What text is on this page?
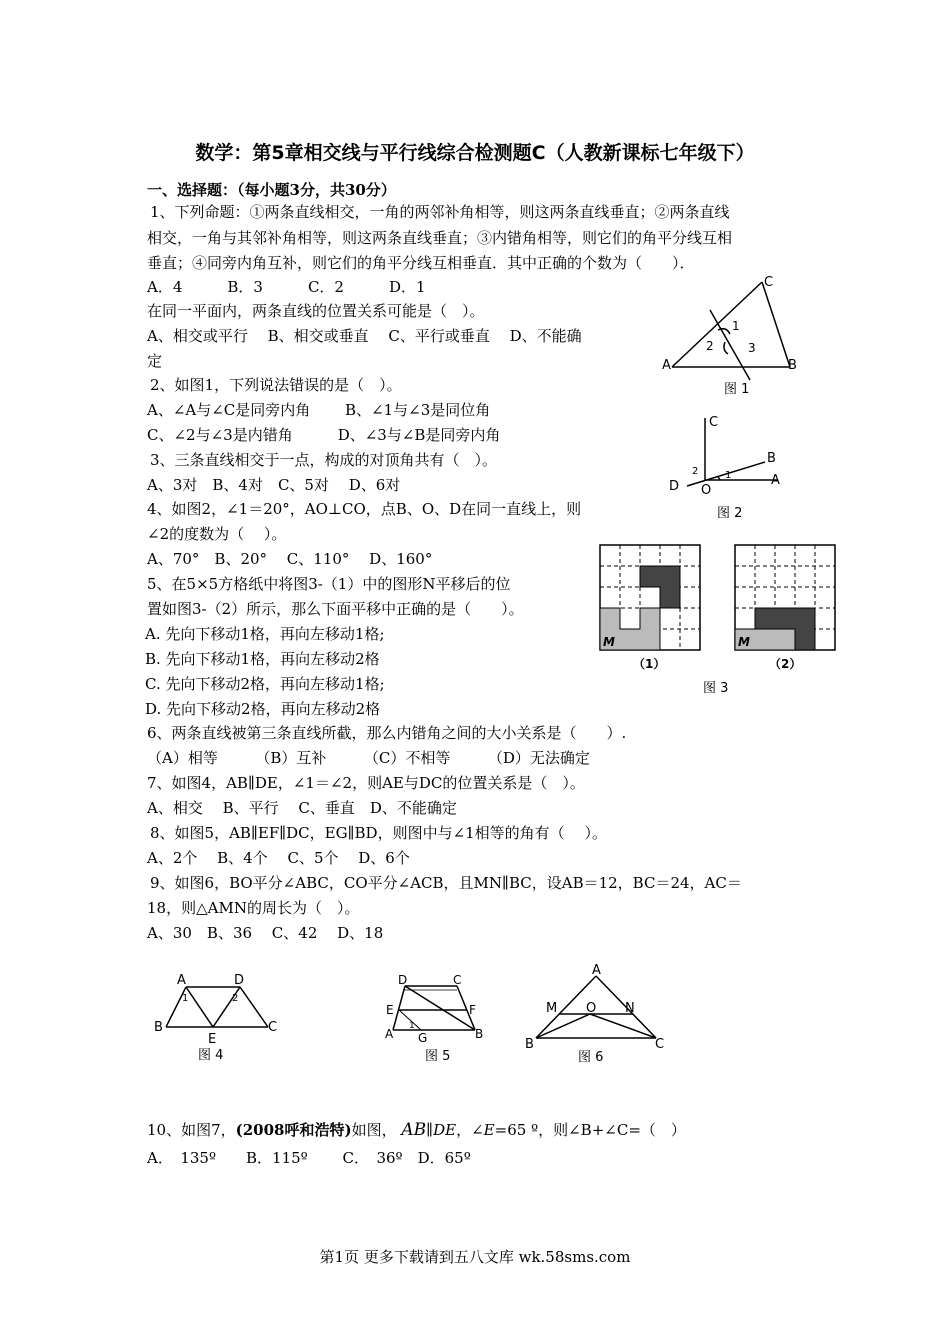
数学：第5章相交线与平行线综合检测题C（人教新课标七年级下）
一、选择题：（每小题3分，共30分）
1、下列命题：①两条直线相交，一角的两邻补角相等，则这两条直线垂直；②两条直线
相交，一角与其邻补角相等，则这两条直线垂直；③内错角相等，则它们的角平分线互相
垂直；④同旁内角互补，则它们的角平分线互相垂直．其中正确的个数为（　　）．
A．4　　　B．3　　　C．2　　　D．1
在同一平面内，两条直线的位置关系可能是（　）。
A、相交或平行　 B、相交或垂直　 C、平行或垂直　 D、不能确
定
2、如图1，下列说法错误的是（　）。
A、∠A与∠C是同旁内角　　 B、∠1与∠3是同位角
C、∠2与∠3是内错角　　　D、∠3与∠B是同旁内角
3、三条直线相交于一点，构成的对顶角共有（　）。
A、3对　B、4对　C、5对　 D、6对
4、如图2，∠1＝20°，AO⊥CO，点B、O、D在同一直线上，则
∠2的度数为（　 ）。
A、70°　B、20°　 C、110°　 D、160°
5、在5×5方格纸中将图3-（1）中的图形N平移后的位
置如图3-（2）所示，那么下面平移中正确的是（　　）。
A. 先向下移动1格，再向左移动1格;
B. 先向下移动1格，再向左移动2格
C. 先向下移动2格，再向左移动1格;
D. 先向下移动2格，再向左移动2格
6、两条直线被第三条直线所截，那么内错角之间的大小关系是（　　）.
（A）相等　　　（B）互补　　　（C）不相等　　　（D）无法确定
7、如图4，AB∥DE，∠1＝∠2，则AE与DC的位置关系是（　）。
A、相交　 B、平行　 C、垂直　D、不能确定
8、如图5，AB∥EF∥DC，EG∥BD，则图中与∠1相等的角有（　 ）。
A、2个　 B、4个　 C、5个　 D、6个
9、如图6，BO平分∠ABC，CO平分∠ACB，且MN∥BC，设AB＝12，BC＝24，AC＝
18，则△AMN的周长为（　）。
A、30　B、36　 C、42　 D、18
10、如图7，(2008呼和浩特)如图， AB∥DE，∠E=65 º，则∠B+∠C=（　）
A．　135º　　B．115º　　 C．　36º　D．65º
C
1
2	3
A	B
图 1
C
B
A
D O
2	1
图 2
N
M
N
M
（1）	（2）
图 3
A	D
1	2
B
E
C
图 4
D	C
E	F
A G	B
1
图 5
A
M O N
B	C
图 6
第1页 更多下载请到五八文库 wk.58sms.com
